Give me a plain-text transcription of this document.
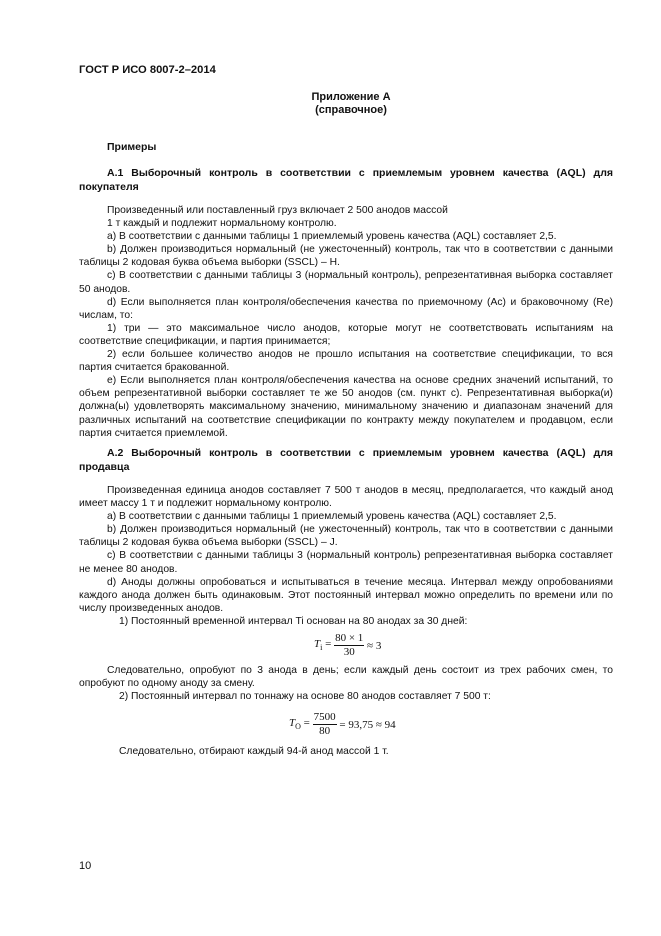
ГОСТ Р ИСО 8007-2–2014
Приложение А
(справочное)

Примеры

А.1 Выборочный контроль в соответствии с приемлемым уровнем качества (AQL) для покупателя

Произведенный или поставленный груз включает 2 500 анодов массой

1 т каждый и подлежит нормальному контролю.

a) В соответствии с данными таблицы 1 приемлемый уровень качества (AQL) составляет 2,5.

b) Должен производиться нормальный (не ужесточенный) контроль, так что в соответствии с данными таблицы 2 кодовая буква объема выборки (SSCL) – H.

c) В соответствии с данными таблицы 3 (нормальный контроль), репрезентативная выборка составляет 50 анодов.

d) Если выполняется план контроля/обеспечения качества по приемочному (Ac) и браковочному (Re) числам, то:

1) три — это максимальное число анодов, которые могут не соответствовать испытаниям на соответствие спецификации, и партия принимается;

2) если большее количество анодов не прошло испытания на соответствие спецификации, то вся партия считается бракованной.

e) Если выполняется план контроля/обеспечения качества на основе средних значений испытаний, то объем репрезентативной выборки составляет те же 50 анодов (см. пункт c). Репрезентативная выборка(и) должна(ы) удовлетворять максимальному значению, минимальному значению и диапазонам значений для различных испытаний на соответствие спецификации по контракту между покупателем и продавцом, если партия считается приемлемой.

А.2 Выборочный контроль в соответствии с приемлемым уровнем качества (AQL) для продавца

Произведенная единица анодов составляет 7 500 т анодов в месяц, предполагается, что каждый анод имеет массу 1 т и подлежит нормальному контролю.

a) В соответствии с данными таблицы 1 приемлемый уровень качества (AQL) составляет 2,5.

b) Должен производиться нормальный (не ужесточенный) контроль, так что в соответствии с данными таблицы 2 кодовая буква объема выборки (SSCL) – J.

c) В соответствии с данными таблицы 3 (нормальный контроль) репрезентативная выборка составляет не менее 80 анодов.

d) Аноды должны опробоваться и испытываться в течение месяца. Интервал между опробованиями каждого анода должен быть одинаковым. Этот постоянный интервал можно определить по времени или по числу произведенных анодов.

1) Постоянный временной интервал Ti основан на 80 анодах за 30 дней:

$T_i = \frac{80 \times 1}{30} \approx 3$

Следовательно, опробуют по 3 анода в день; если каждый день состоит из трех рабочих смен, то опробуют по одному аноду за смену.

2) Постоянный интервал по тоннажу на основе 80 анодов составляет 7 500 т:

$T_O = \frac{7500}{80} = 93,75 \approx 94$

Следовательно, отбирают каждый 94-й анод массой 1 т.

10
